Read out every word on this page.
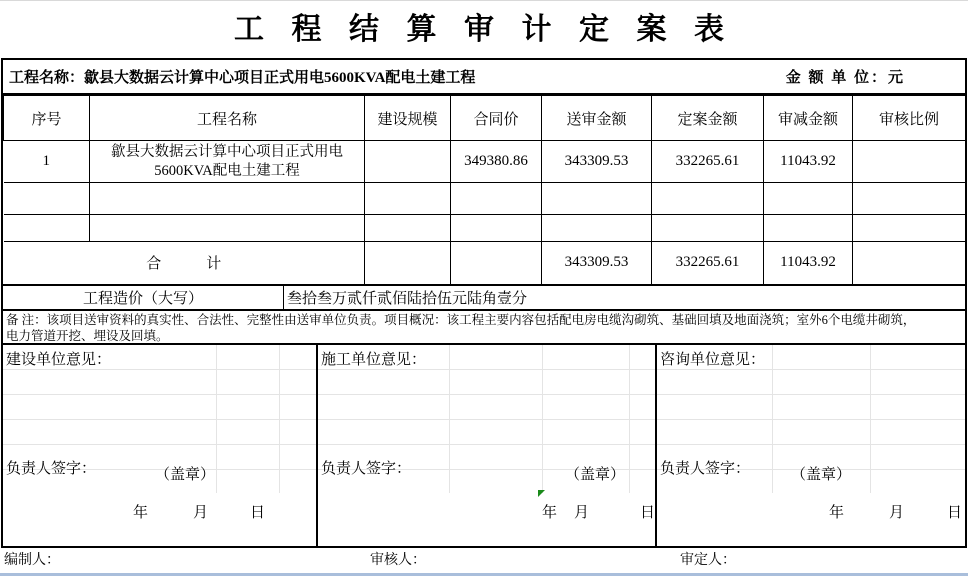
工 程 结 算 审 计 定 案 表
工程名称： 歙县大数据云计算中心项目正式用电5600KVA配电土建工程	金 额 单 位：元
序号	工程名称	建设规模	合同价	送审金额	定案金额	审减金额	审核比例
1	歙县大数据云计算中心项目正式用电
5600KVA配电土建工程		349380.86	343309.53	332265.61	11043.92	

合　　　计				343309.53	332265.61	11043.92	
工程造价（大写）	叁拾叁万贰仟贰佰陆拾伍元陆角壹分
备 注：该项目送审资料的真实性、合法性、完整性由送审单位负责。项目概况：该工程主要内容包括配电房电缆沟砌筑、基础回填及地面浇筑；室外6个电缆井砌筑，
电力管道开挖、埋设及回填。
建设单位意见：
负责人签字：	（盖章）
年	月	日
施工单位意见：
负责人签字：	（盖章）
年 月	日
咨询单位意见：
负责人签字：	（盖章）
年	月	日
编制人：	审核人：	审定人：
